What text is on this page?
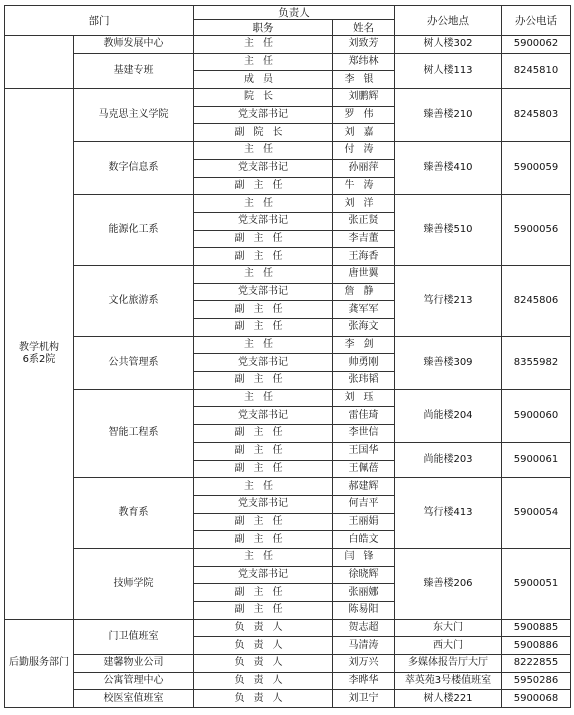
部门		负责人		办公地点	办公电话
		职务	姓名		
	教师发展中心	主任	刘致芳	树人楼302	5900062
	基建专班	主任	郑纬林	树人楼113	8245810
		成员	李银		

教学机构
6系2院	马克思主义学院	院长	刘鹏辉	臻善楼210	8245803
		党支部书记	罗伟		
		副院长	刘嘉		
	数字信息系	主任	付涛	臻善楼410	5900059
		党支部书记	孙丽萍		
		副主任	牛涛		
	能源化工系	主任	刘洋	臻善楼510	5900056
		党支部书记	张正贤		
		副主任	李吉董		
		副主任	王海香		
	文化旅游系	主任	唐世翼	笃行楼213	8245806
		党支部书记	詹静		
		副主任	龚军军		
		副主任	张海文		
	公共管理系	主任	李剑	臻善楼309	8355982
		党支部书记	帅勇刚		
		副主任	张玮韬		
	智能工程系	主任	刘珏	尚能楼204	5900060
		党支部书记	雷佳琦		
		副主任	李世信		
		副主任	王国华	尚能楼203	5900061
		副主任	王佩蓓		
	教育系	主任	郝建辉	笃行楼413	5900054
		党支部书记	何吉平		
		副主任	王丽娟		
		副主任	白皓文		
	技师学院	主任	闫锋	臻善楼206	5900051
		党支部书记	徐晓辉		
		副主任	张丽娜		
		副主任	陈易阳		
后勤服务部门	门卫值班室	负责人	贺志超	东大门	5900885
		负责人	马清涛	西大门	5900886
	建馨物业公司	负责人	刘万兴	多媒体报告厅大厅	8222855
	公寓管理中心	负责人	李晔华	萃英苑3号楼值班室	5950286
	校医室值班室	负责人	刘卫宁	树人楼221	5900068
